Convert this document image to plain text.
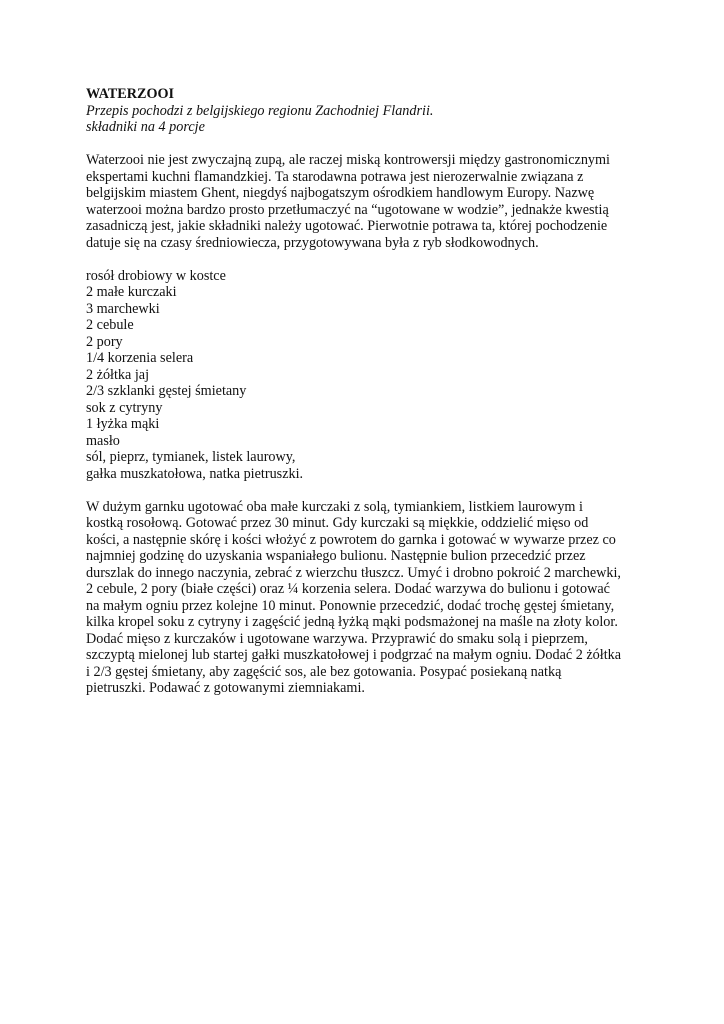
WATERZOOI

Przepis pochodzi z belgijskiego regionu Zachodniej Flandrii.

składniki na 4 porcje

Waterzooi nie jest zwyczajną zupą, ale raczej miską kontrowersji między gastronomicznymi
ekspertami kuchni flamandzkiej. Ta starodawna potrawa jest nierozerwalnie związana z
belgijskim miastem Ghent, niegdyś najbogatszym ośrodkiem handlowym Europy. Nazwę
waterzooi można bardzo prosto przetłumaczyć na “ugotowane w wodzie”, jednakże kwestią
zasadniczą jest, jakie składniki należy ugotować. Pierwotnie potrawa ta, której pochodzenie
datuje się na czasy średniowiecza, przygotowywana była z ryb słodkowodnych.
rosół drobiowy w kostce
2 małe kurczaki
3 marchewki
2 cebule
2 pory
1/4 korzenia selera
2 żółtka jaj
2/3 szklanki gęstej śmietany
sok z cytryny
1 łyżka mąki
masło
sól, pieprz, tymianek, listek laurowy,
gałka muszkatołowa, natka pietruszki.
W dużym garnku ugotować oba małe kurczaki z solą, tymiankiem, listkiem laurowym i
kostką rosołową. Gotować przez 30 minut. Gdy kurczaki są miękkie, oddzielić mięso od
kości, a następnie skórę i kości włożyć z powrotem do garnka i gotować w wywarze przez co
najmniej godzinę do uzyskania wspaniałego bulionu. Następnie bulion przecedzić przez
durszlak do innego naczynia, zebrać z wierzchu tłuszcz. Umyć i drobno pokroić 2 marchewki,
2 cebule, 2 pory (białe części) oraz ¼ korzenia selera. Dodać warzywa do bulionu i gotować
na małym ogniu przez kolejne 10 minut. Ponownie przecedzić, dodać trochę gęstej śmietany,
kilka kropel soku z cytryny i zagęścić jedną łyżką mąki podsmażonej na maśle na złoty kolor.
Dodać mięso z kurczaków i ugotowane warzywa. Przyprawić do smaku solą i pieprzem,
szczyptą mielonej lub startej gałki muszkatołowej i podgrzać na małym ogniu. Dodać 2 żółtka
i 2/3 gęstej śmietany, aby zagęścić sos, ale bez gotowania. Posypać posiekaną natką
pietruszki. Podawać z gotowanymi ziemniakami.
